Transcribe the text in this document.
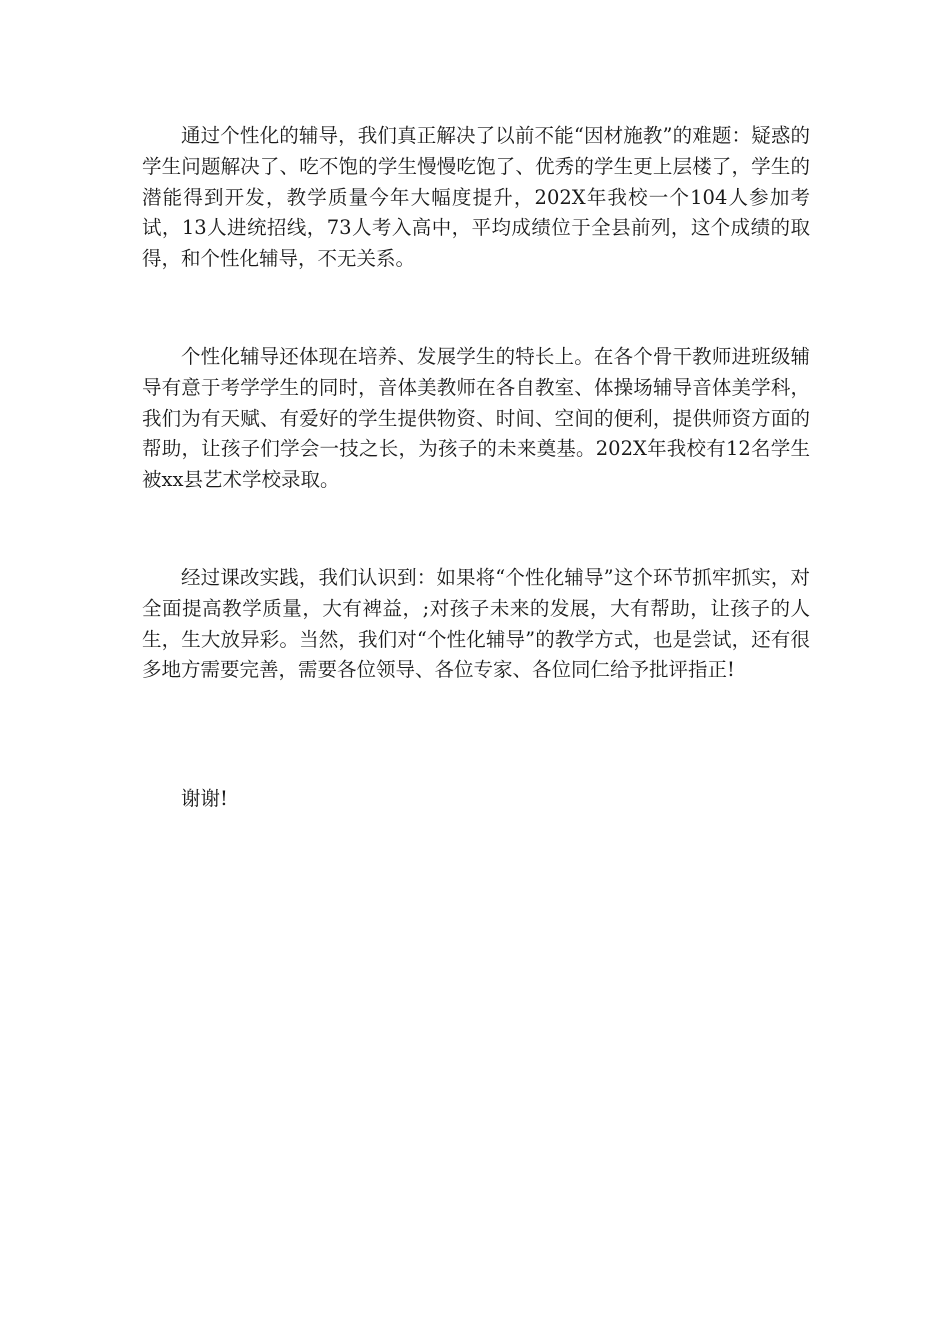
通过个性化的辅导，我们真正解决了以前不能“因材施教”的难题：疑惑的学生问题解决了、吃不饱的学生慢慢吃饱了、优秀的学生更上层楼了，学生的潜能得到开发，教学质量今年大幅度提升，202X年我校一个104人参加考试，13人进统招线，73人考入高中，平均成绩位于全县前列，这个成绩的取得，和个性化辅导，不无关系。

个性化辅导还体现在培养、发展学生的特长上。在各个骨干教师进班级辅导有意于考学学生的同时，音体美教师在各自教室、体操场辅导音体美学科，我们为有天赋、有爱好的学生提供物资、时间、空间的便利，提供师资方面的帮助，让孩子们学会一技之长，为孩子的未来奠基。202X年我校有12名学生被xx县艺术学校录取。

经过课改实践，我们认识到：如果将“个性化辅导”这个环节抓牢抓实，对全面提高教学质量，大有裨益，;对孩子未来的发展，大有帮助，让孩子的人生，生大放异彩。当然，我们对“个性化辅导”的教学方式，也是尝试，还有很多地方需要完善，需要各位领导、各位专家、各位同仁给予批评指正!

谢谢!
